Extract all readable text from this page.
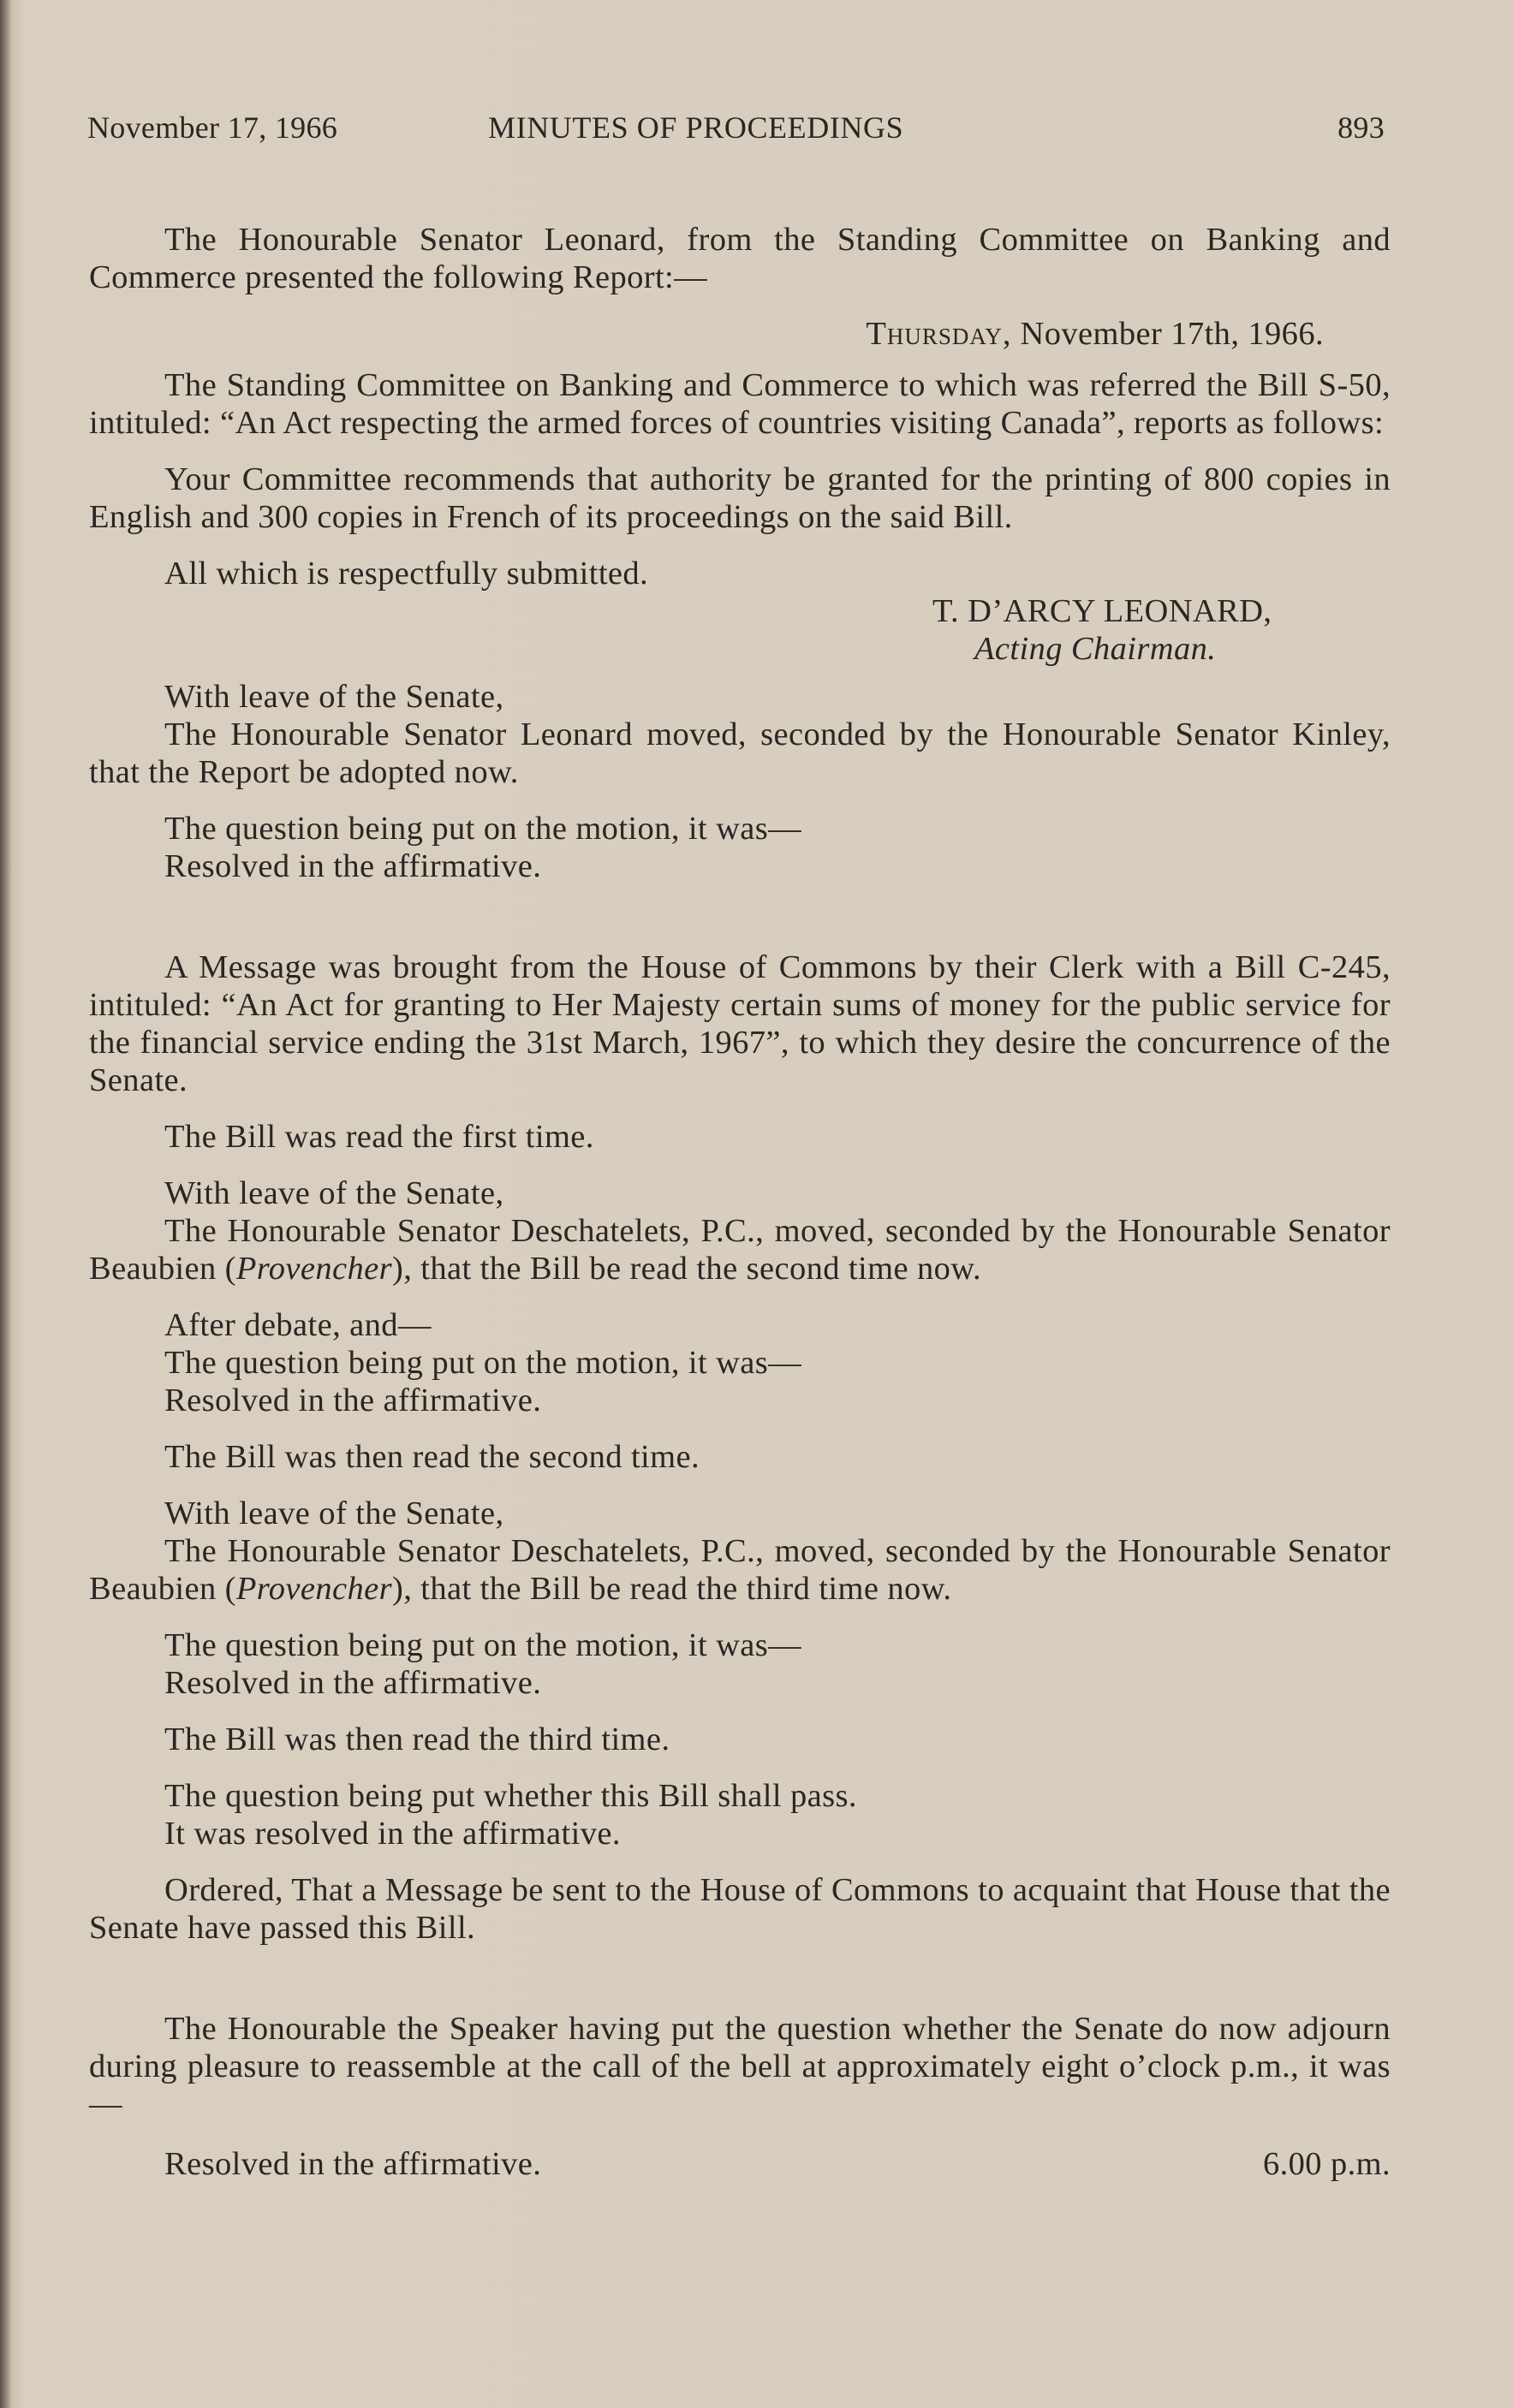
November 17, 1966	MINUTES OF PROCEEDINGS	893

The Honourable Senator Leonard, from the Standing Committee on Banking and Commerce presented the following Report:—

Thursday, November 17th, 1966.

The Standing Committee on Banking and Commerce to which was referred the Bill S-50, intituled: “An Act respecting the armed forces of countries visiting Canada”, reports as follows:

Your Committee recommends that authority be granted for the printing of 800 copies in English and 300 copies in French of its proceedings on the said Bill.

All which is respectfully submitted.

T. D’ARCY LEONARD,

Acting Chairman.

With leave of the Senate,

The Honourable Senator Leonard moved, seconded by the Honourable Senator Kinley, that the Report be adopted now.

The question being put on the motion, it was—

Resolved in the affirmative.

A Message was brought from the House of Commons by their Clerk with a Bill C-245, intituled: “An Act for granting to Her Majesty certain sums of money for the public service for the financial service ending the 31st March, 1967”, to which they desire the concurrence of the Senate.

The Bill was read the first time.

With leave of the Senate,

The Honourable Senator Deschatelets, P.C., moved, seconded by the Honourable Senator Beaubien (Provencher), that the Bill be read the second time now.

After debate, and—

The question being put on the motion, it was—

Resolved in the affirmative.

The Bill was then read the second time.

With leave of the Senate,

The Honourable Senator Deschatelets, P.C., moved, seconded by the Honourable Senator Beaubien (Provencher), that the Bill be read the third time now.

The question being put on the motion, it was—

Resolved in the affirmative.

The Bill was then read the third time.

The question being put whether this Bill shall pass.

It was resolved in the affirmative.

Ordered, That a Message be sent to the House of Commons to acquaint that House that the Senate have passed this Bill.

The Honourable the Speaker having put the question whether the Senate do now adjourn during pleasure to reassemble at the call of the bell at approximately eight o’clock p.m., it was—

Resolved in the affirmative.	6.00 p.m.
